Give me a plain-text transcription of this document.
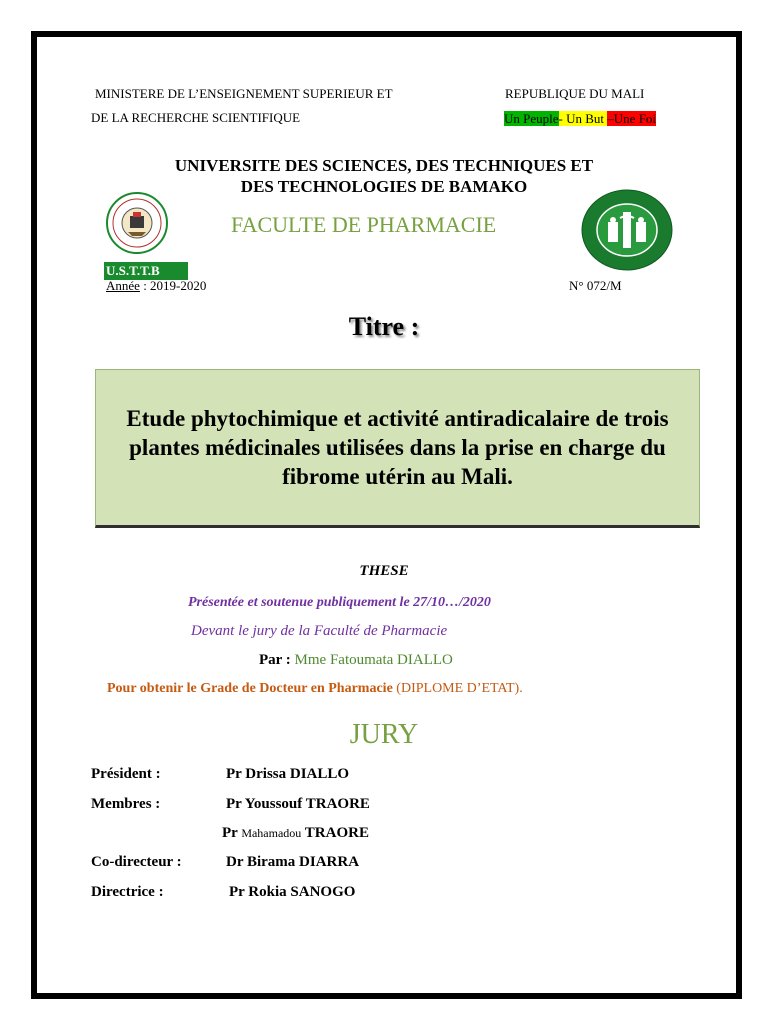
MINISTERE DE L’ENSEIGNEMENT SUPERIEUR ET
DE LA RECHERCHE SCIENTIFIQUE
REPUBLIQUE DU MALI
Un Peuple- Un But –Une Foi
UNIVERSITE DES SCIENCES, DES TECHNIQUES ET
DES TECHNOLOGIES DE BAMAKO
FACULTE DE PHARMACIE
U.S.T.T.B
Année : 2019-2020	N° 072/M
Titre :
Etude phytochimique et activité antiradicalaire de trois plantes médicinales utilisées dans la prise en charge du fibrome utérin au Mali.
THESE
Présentée et soutenue publiquement le 27/10…/2020
Devant le jury de la Faculté de Pharmacie
Par : Mme Fatoumata DIALLO
Pour obtenir le Grade de Docteur en Pharmacie (DIPLOME D’ETAT).
JURY
Président :	Pr Drissa DIALLO
Membres :	Pr Youssouf TRAORE
Pr Mahamadou TRAORE
Co-directeur :	Dr Birama DIARRA
Directrice :	Pr Rokia SANOGO
